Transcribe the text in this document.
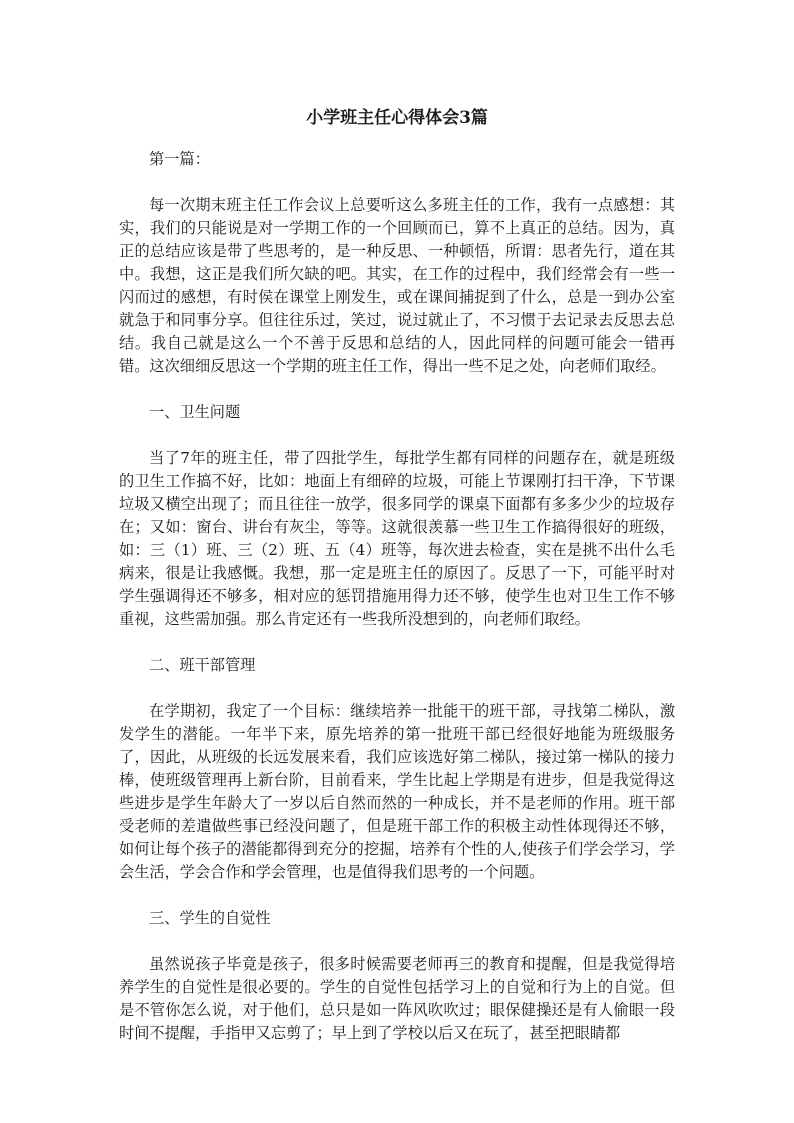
小学班主任心得体会3篇

第一篇：

每一次期末班主任工作会议上总要听这么多班主任的工作，我有一点感想：其实，我们的只能说是对一学期工作的一个回顾而已，算不上真正的总结。因为，真正的总结应该是带了些思考的，是一种反思、一种顿悟，所谓：思者先行，道在其中。我想，这正是我们所欠缺的吧。其实，在工作的过程中，我们经常会有一些一闪而过的感想，有时侯在课堂上刚发生，或在课间捕捉到了什么，总是一到办公室就急于和同事分享。但往往乐过，笑过，说过就止了，不习惯于去记录去反思去总结。我自己就是这么一个不善于反思和总结的人，因此同样的问题可能会一错再错。这次细细反思这一个学期的班主任工作，得出一些不足之处，向老师们取经。

一、卫生问题

当了7年的班主任，带了四批学生，每批学生都有同样的问题存在，就是班级的卫生工作搞不好，比如：地面上有细碎的垃圾，可能上节课刚打扫干净，下节课垃圾又横空出现了；而且往往一放学，很多同学的课桌下面都有多多少少的垃圾存在；又如：窗台、讲台有灰尘，等等。这就很羡慕一些卫生工作搞得很好的班级，如：三（1）班、三（2）班、五（4）班等，每次进去检查，实在是挑不出什么毛病来，很是让我感慨。我想，那一定是班主任的原因了。反思了一下，可能平时对学生强调得还不够多，相对应的惩罚措施用得力还不够，使学生也对卫生工作不够重视，这些需加强。那么肯定还有一些我所没想到的，向老师们取经。

二、班干部管理

在学期初，我定了一个目标：继续培养一批能干的班干部，寻找第二梯队，激发学生的潜能。一年半下来，原先培养的第一批班干部已经很好地能为班级服务了，因此，从班级的长远发展来看，我们应该选好第二梯队，接过第一梯队的接力棒，使班级管理再上新台阶，目前看来，学生比起上学期是有进步，但是我觉得这些进步是学生年龄大了一岁以后自然而然的一种成长，并不是老师的作用。班干部受老师的差遣做些事已经没问题了，但是班干部工作的积极主动性体现得还不够，如何让每个孩子的潜能都得到充分的挖掘，培养有个性的人,使孩子们学会学习，学会生活，学会合作和学会管理，也是值得我们思考的一个问题。

三、学生的自觉性

虽然说孩子毕竟是孩子，很多时候需要老师再三的教育和提醒，但是我觉得培养学生的自觉性是很必要的。学生的自觉性包括学习上的自觉和行为上的自觉。但是不管你怎么说，对于他们，总只是如一阵风吹吹过；眼保健操还是有人偷眼一段时间不提醒，手指甲又忘剪了；早上到了学校以后又在玩了，甚至把眼睛都
